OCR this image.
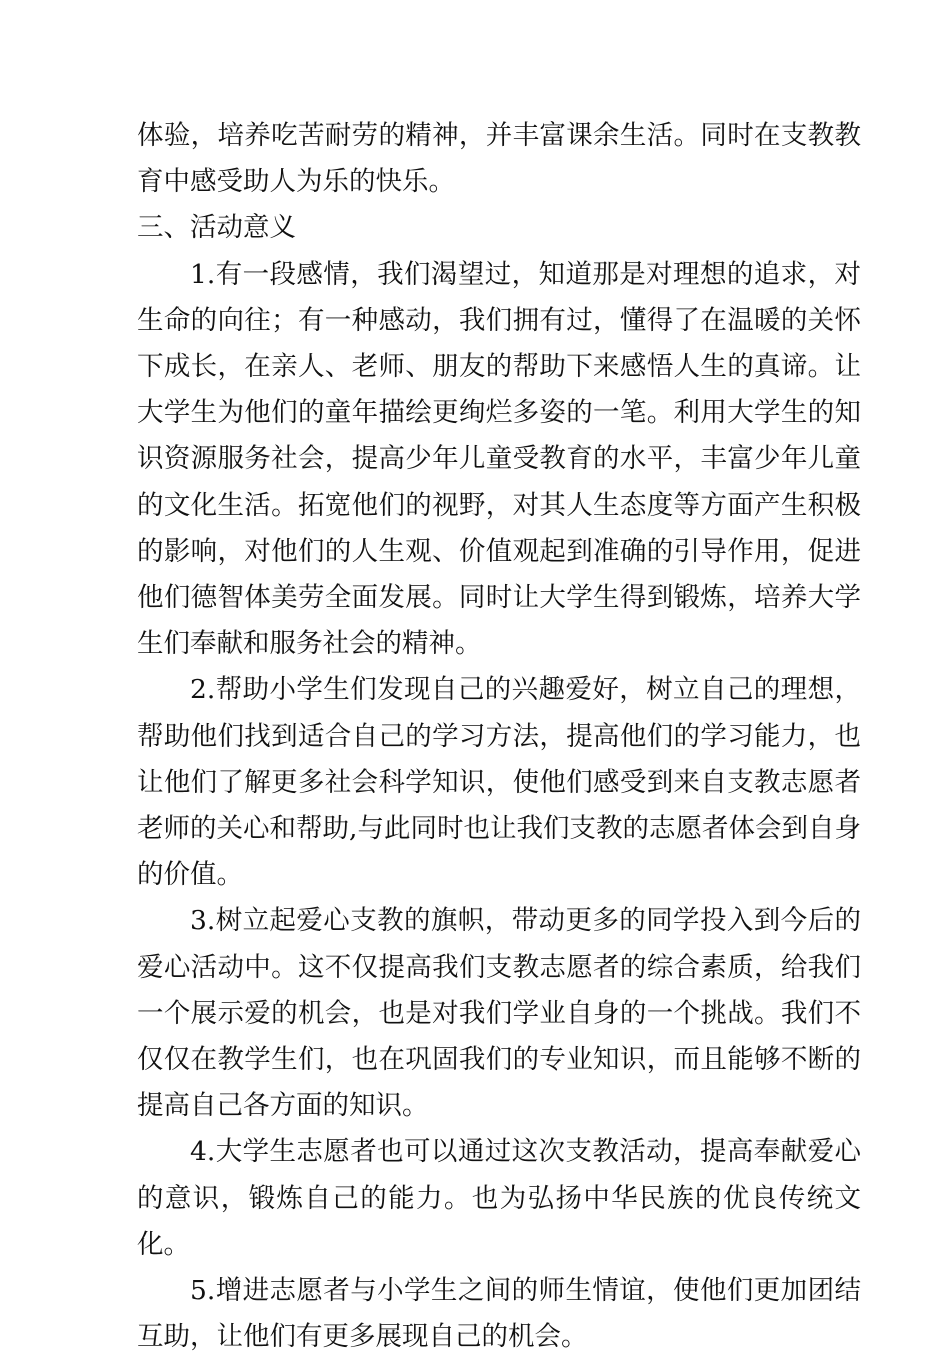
体验，培养吃苦耐劳的精神，并丰富课余生活。同时在支教教育中感受助人为乐的快乐。

三、活动意义

1.有一段感情，我们渴望过，知道那是对理想的追求，对生命的向往；有一种感动，我们拥有过，懂得了在温暖的关怀下成长，在亲人、老师、朋友的帮助下来感悟人生的真谛。让大学生为他们的童年描绘更绚烂多姿的一笔。利用大学生的知识资源服务社会，提高少年儿童受教育的水平，丰富少年儿童的文化生活。拓宽他们的视野，对其人生态度等方面产生积极的影响，对他们的人生观、价值观起到准确的引导作用，促进他们德智体美劳全面发展。同时让大学生得到锻炼，培养大学生们奉献和服务社会的精神。

2.帮助小学生们发现自己的兴趣爱好，树立自己的理想，帮助他们找到适合自己的学习方法，提高他们的学习能力，也让他们了解更多社会科学知识，使他们感受到来自支教志愿者老师的关心和帮助,与此同时也让我们支教的志愿者体会到自身的价值。

3.树立起爱心支教的旗帜，带动更多的同学投入到今后的爱心活动中。这不仅提高我们支教志愿者的综合素质，给我们一个展示爱的机会，也是对我们学业自身的一个挑战。我们不仅仅在教学生们，也在巩固我们的专业知识，而且能够不断的提高自己各方面的知识。

4.大学生志愿者也可以通过这次支教活动，提高奉献爱心的意识，锻炼自己的能力。也为弘扬中华民族的优良传统文化。

5.增进志愿者与小学生之间的师生情谊，使他们更加团结互助，让他们有更多展现自己的机会。
